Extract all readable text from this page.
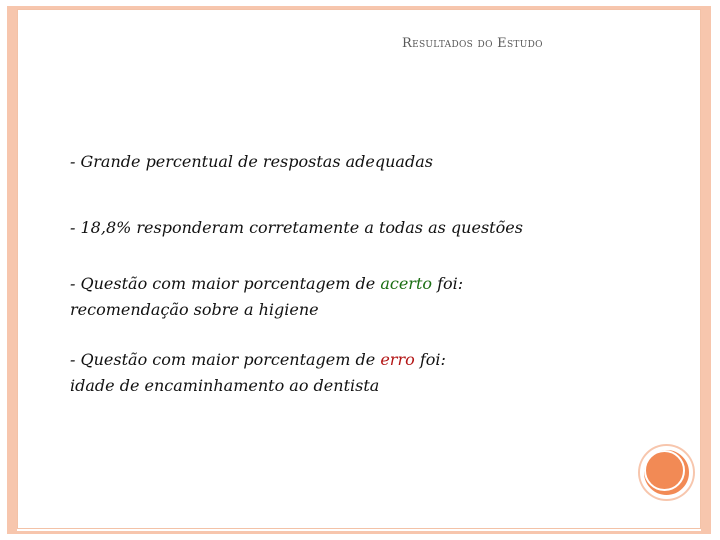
Resultados do Estudo
- Grande percentual de respostas adequadas
- 18,8% responderam corretamente a todas as questões
- Questão com maior porcentagem de acerto foi:
recomendação sobre a higiene
- Questão com maior porcentagem de erro foi:
idade de encaminhamento ao dentista
